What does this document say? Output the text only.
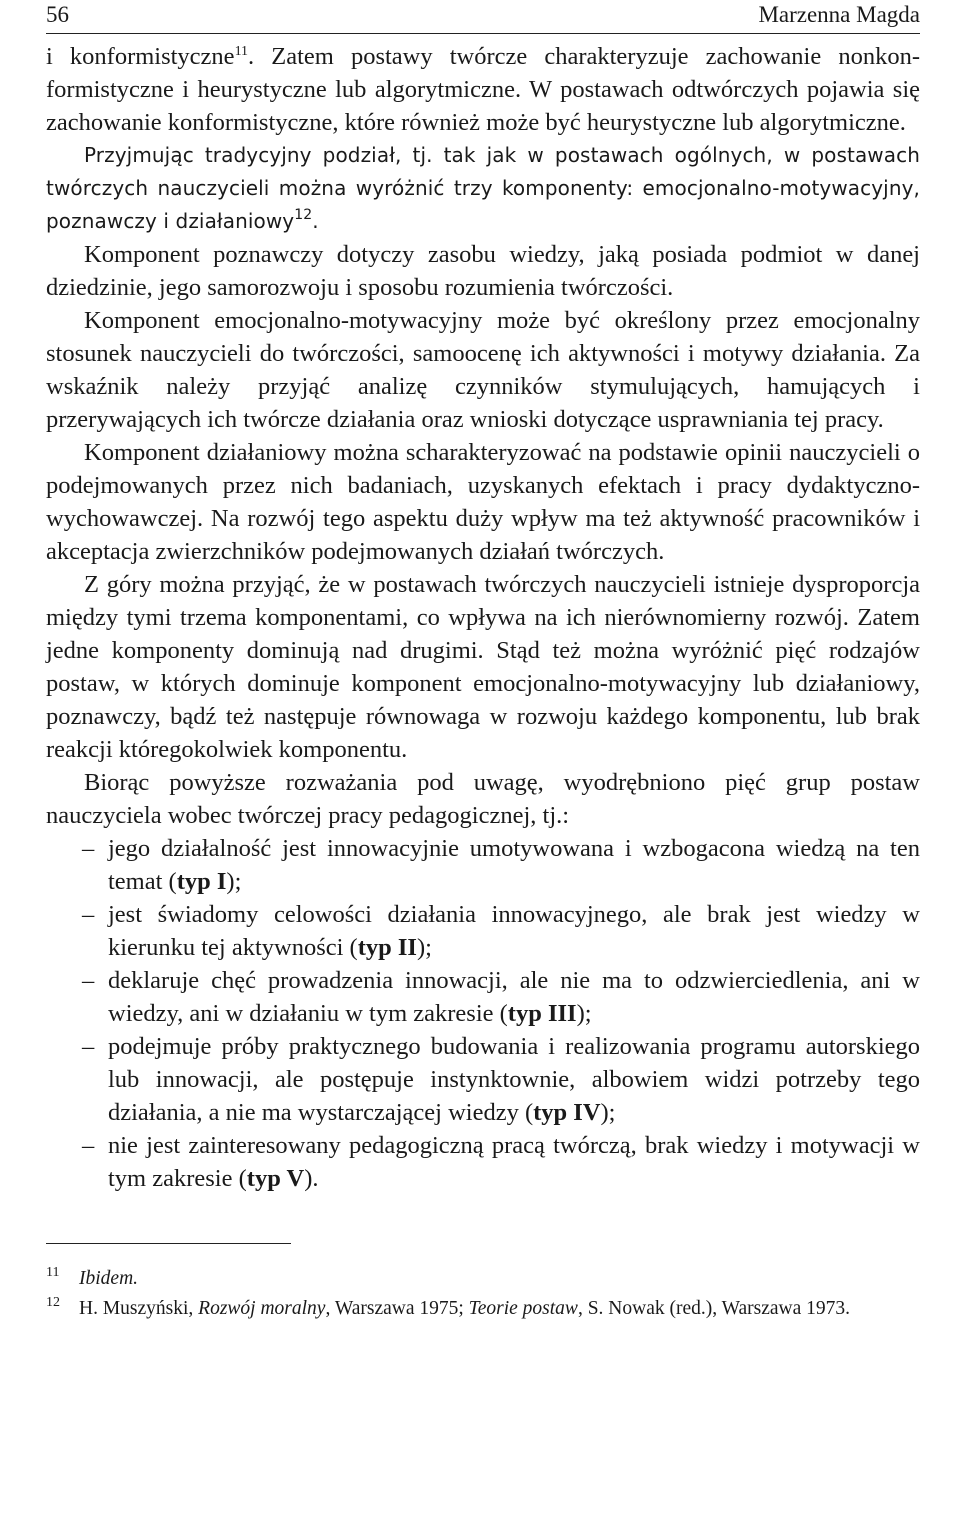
56	Marzenna Magda

i konformistyczne$^{11}$. Zatem postawy twórcze charakteryzuje zachowanie nonkonformistyczne i heurystyczne lub algorytmiczne. W postawach odtwórczych pojawia się zachowanie konformistyczne, które również może być heurystyczne lub algorytmiczne.

Przyjmując tradycyjny podział, tj. tak jak w postawach ogólnych, w postawach twórczych nauczycieli można wyróżnić trzy komponenty: emocjonalno-motywacyjny, poznawczy i działaniowy$^{12}$.

Komponent poznawczy dotyczy zasobu wiedzy, jaką posiada podmiot w danej dziedzinie, jego samorozwoju i sposobu rozumienia twórczości.

Komponent emocjonalno-motywacyjny może być określony przez emocjonalny stosunek nauczycieli do twórczości, samoocenę ich aktywności i motywy działania. Za wskaźnik należy przyjąć analizę czynników stymulujących, hamujących i przerywających ich twórcze działania oraz wnioski dotyczące usprawniania tej pracy.

Komponent działaniowy można scharakteryzować na podstawie opinii nauczycieli o podejmowanych przez nich badaniach, uzyskanych efektach i pracy dydaktyczno-wychowawczej. Na rozwój tego aspektu duży wpływ ma też aktywność pracowników i akceptacja zwierzchników podejmowanych działań twórczych.

Z góry można przyjąć, że w postawach twórczych nauczycieli istnieje dysproporcja między tymi trzema komponentami, co wpływa na ich nierównomierny rozwój. Zatem jedne komponenty dominują nad drugimi. Stąd też można wyróżnić pięć rodzajów postaw, w których dominuje komponent emocjonalno-motywacyjny lub działaniowy, poznawczy, bądź też następuje równowaga w rozwoju każdego komponentu, lub brak reakcji któregokolwiek komponentu.

Biorąc powyższe rozważania pod uwagę, wyodrębniono pięć grup postaw nauczyciela wobec twórczej pracy pedagogicznej, tj.:

– jego działalność jest innowacyjnie umotywowana i wzbogacona wiedzą na ten temat (typ I);
– jest świadomy celowości działania innowacyjnego, ale brak jest wiedzy w kierunku tej aktywności (typ II);
– deklaruje chęć prowadzenia innowacji, ale nie ma to odzwierciedlenia, ani w wiedzy, ani w działaniu w tym zakresie (typ III);
– podejmuje próby praktycznego budowania i realizowania programu autorskiego lub innowacji, ale postępuje instynktownie, albowiem widzi potrzeby tego działania, a nie ma wystarczającej wiedzy (typ IV);
– nie jest zainteresowany pedagogiczną pracą twórczą, brak wiedzy i motywacji w tym zakresie (typ V).

11 Ibidem.

12 H. Muszyński, Rozwój moralny, Warszawa 1975; Teorie postaw, S. Nowak (red.), Warszawa 1973.
